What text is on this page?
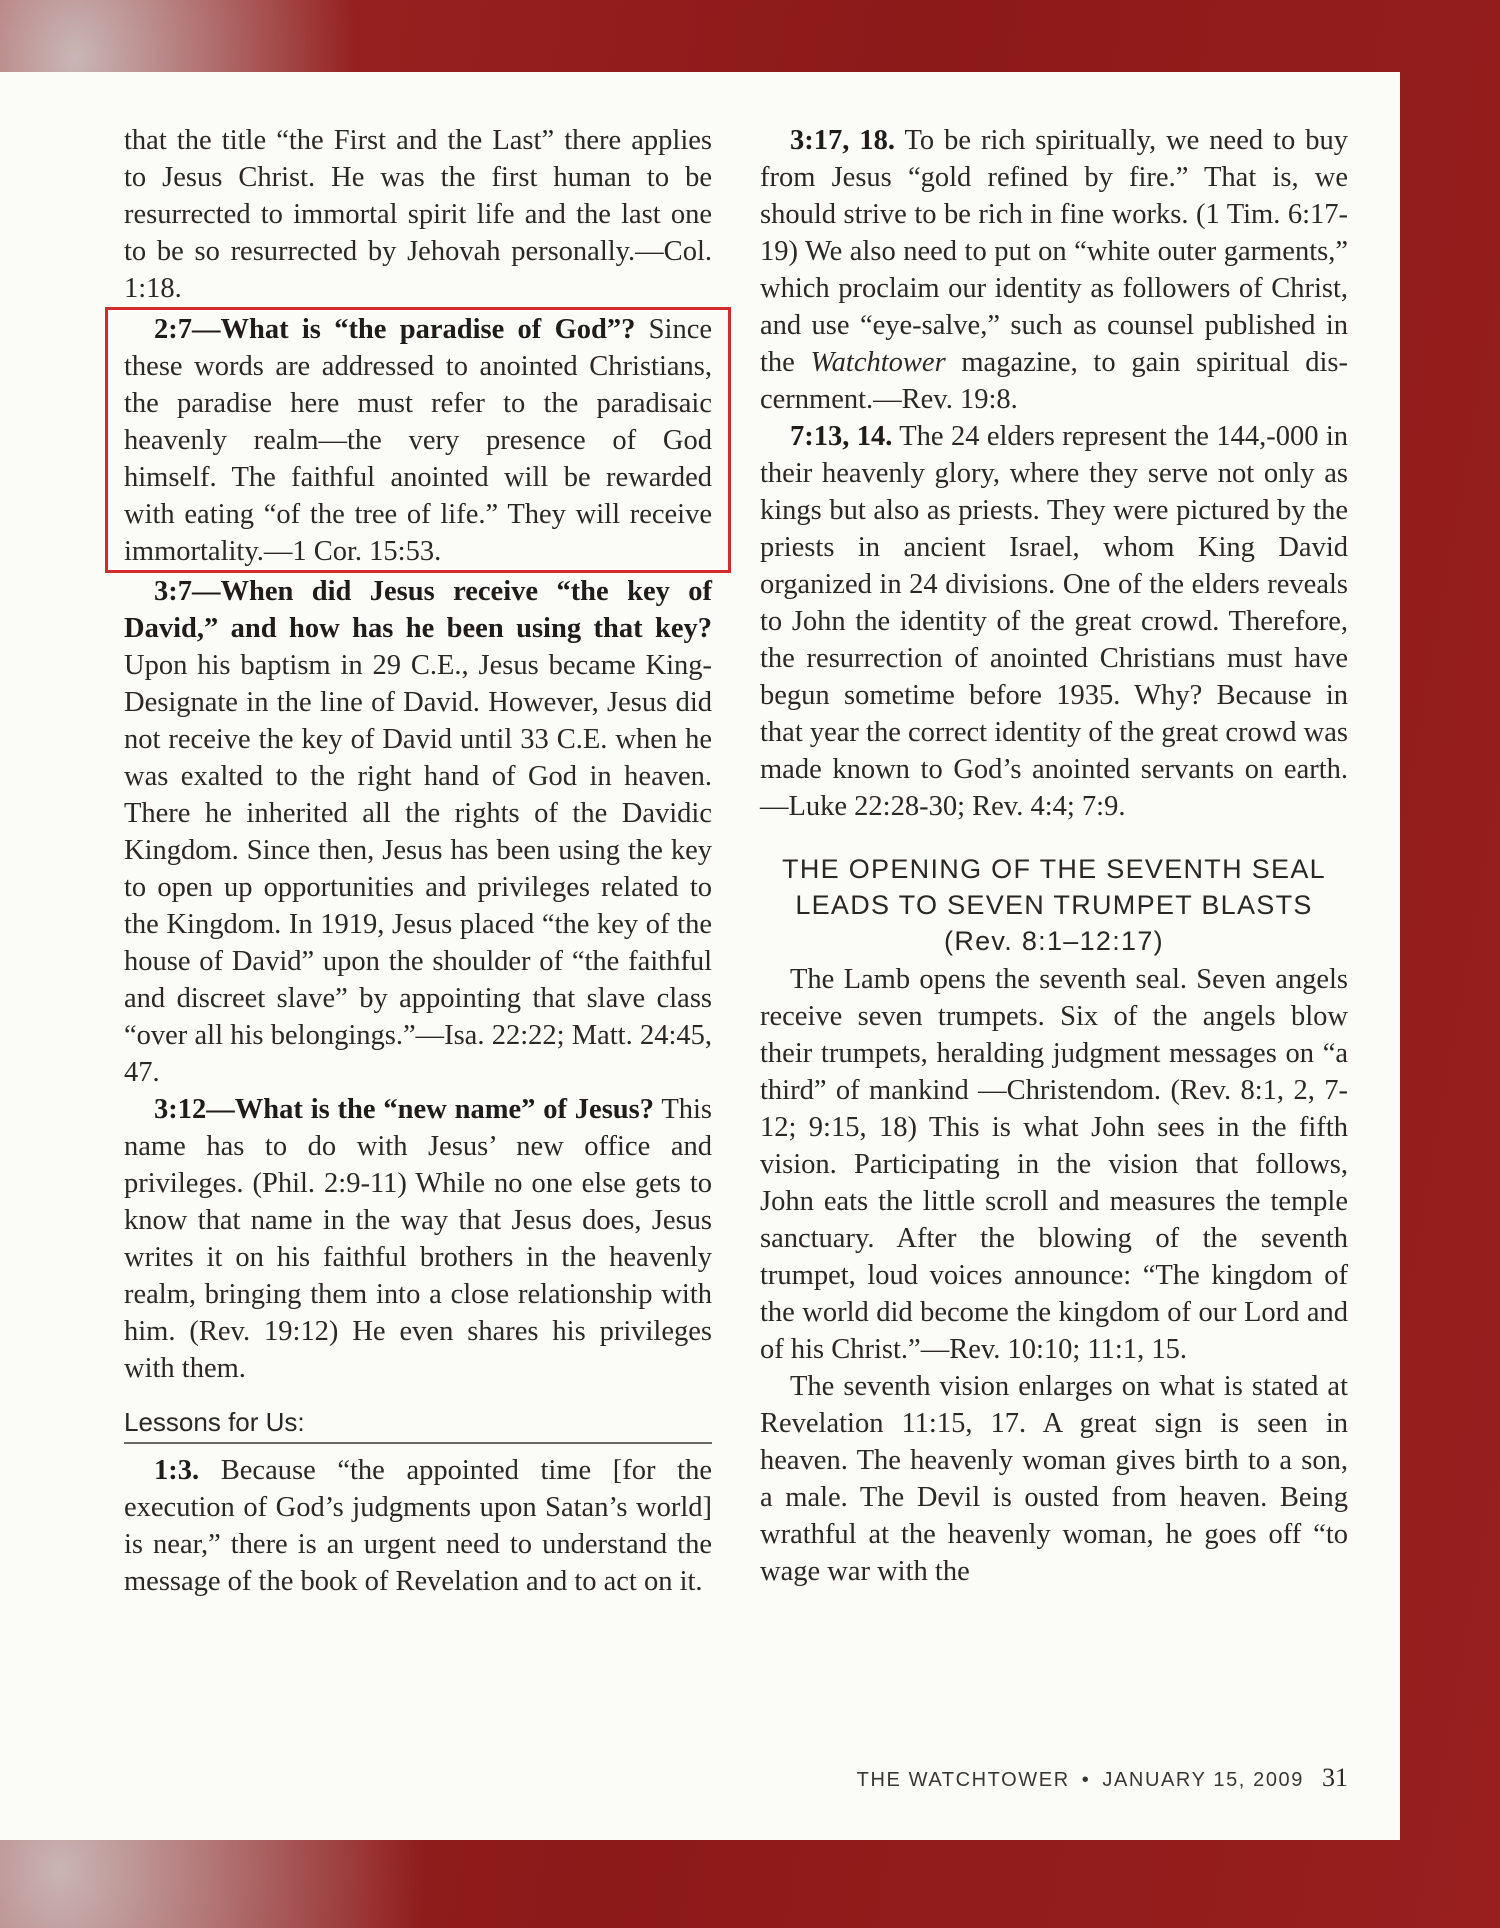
that the title “the First and the Last” there applies to Jesus Christ. He was the first human to be resurrected to immortal spirit life and the last one to be so resurrected by Jehovah personally.—Col. 1:18.

2:7—What is “the paradise of God”? Since these words are addressed to anointed Christians, the paradise here must refer to the paradisaic heavenly realm—the very presence of God himself. The faithful anointed will be rewarded with eating “of the tree of life.” They will receive immortality.—1 Cor. 15:53.

3:7—When did Jesus receive “the key of David,” and how has he been using that key? Upon his baptism in 29 C.E., Jesus became King-Designate in the line of David. However, Jesus did not receive the key of David until 33 C.E. when he was exalted to the right hand of God in heaven. There he inherited all the rights of the Davidic Kingdom. Since then, Jesus has been using the key to open up opportunities and privileges related to the Kingdom. In 1919, Jesus placed “the key of the house of David” upon the shoulder of “the faithful and discreet slave” by appointing that slave class “over all his belongings.”—Isa. 22:22; Matt. 24:45, 47.

3:12—What is the “new name” of Jesus? This name has to do with Jesus’ new office and privileges. (Phil. 2:9-11) While no one else gets to know that name in the way that Jesus does, Jesus writes it on his faithful brothers in the heavenly realm, bringing them into a close relationship with him. (Rev. 19:12) He even shares his privileges with them.

Lessons for Us:

1:3. Because “the appointed time [for the execution of God’s judgments upon Satan’s world] is near,” there is an urgent need to understand the message of the book of Revelation and to act on it.

3:17, 18. To be rich spiritually, we need to buy from Jesus “gold refined by fire.” That is, we should strive to be rich in fine works. (1 Tim. 6:17-19) We also need to put on “white outer garments,” which proclaim our identity as followers of Christ, and use “eye-salve,” such as counsel published in the Watchtower magazine, to gain spiritual discernment.—Rev. 19:8.

7:13, 14. The 24 elders represent the 144,-000 in their heavenly glory, where they serve not only as kings but also as priests. They were pictured by the priests in ancient Israel, whom King David organized in 24 divisions. One of the elders reveals to John the identity of the great crowd. Therefore, the resurrection of anointed Christians must have begun sometime before 1935. Why? Because in that year the correct identity of the great crowd was made known to God’s anointed servants on earth.—Luke 22:28-30; Rev. 4:4; 7:9.

THE OPENING OF THE SEVENTH SEAL
LEADS TO SEVEN TRUMPET BLASTS
(Rev. 8:1–12:17)

The Lamb opens the seventh seal. Seven angels receive seven trumpets. Six of the angels blow their trumpets, heralding judgment messages on “a third” of mankind —Christendom. (Rev. 8:1, 2, 7-12; 9:15, 18) This is what John sees in the fifth vision. Participating in the vision that follows, John eats the little scroll and measures the temple sanctuary. After the blowing of the seventh trumpet, loud voices announce: “The kingdom of the world did become the kingdom of our Lord and of his Christ.”—Rev. 10:10; 11:1, 15.

The seventh vision enlarges on what is stated at Revelation 11:15, 17. A great sign is seen in heaven. The heavenly woman gives birth to a son, a male. The Devil is ousted from heaven. Being wrathful at the heavenly woman, he goes off “to wage war with the

THE WATCHTOWER • JANUARY 15, 2009 31
